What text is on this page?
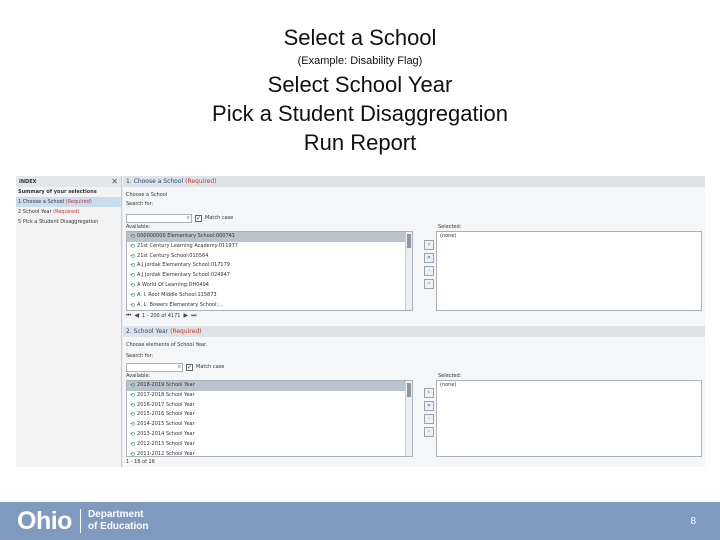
Select a School
(Example: Disability Flag)
Select School Year
Pick a Student Disaggregation
Run Report
INDEX	✕
Summary of your selections
1 Choose a School (Required)
2 School Year (Required)
5 Pick a Student Disaggregation
1. Choose a School (Required)
Choose a School
Search for:
⌕ ✓ Match case
Available:
⟲ 000000000 Elementary School:000741
⟲ 21st Century Learning Academy:011977
⟲ 21st Century School:010564
⟲ A.J Jordak Elementary School:017179
⟲ A.J Jordak Elementary School:024947
⟲ A World Of Learning:DH0494
⟲ A. I. Root Middle School:115873
⟲ A. L. Bowers Elementary School:...
›
»
‹
«
Selected:
(none)
⏮ ◀ 1 - 200 of 4171 ▶ ⏭
2. School Year (Required)
Choose elements of School Year.
Search for:
⌕ ✓ Match case
Available:
⟲ 2018-2019 School Year
⟲ 2017-2018 School Year
⟲ 2016-2017 School Year
⟲ 2015-2016 School Year
⟲ 2014-2015 School Year
⟲ 2013-2014 School Year
⟲ 2012-2013 School Year
⟲ 2011-2012 School Year
›
»
‹
«
Selected:
(none)
1 - 16 of 16
Ohio Department
of Education	8
